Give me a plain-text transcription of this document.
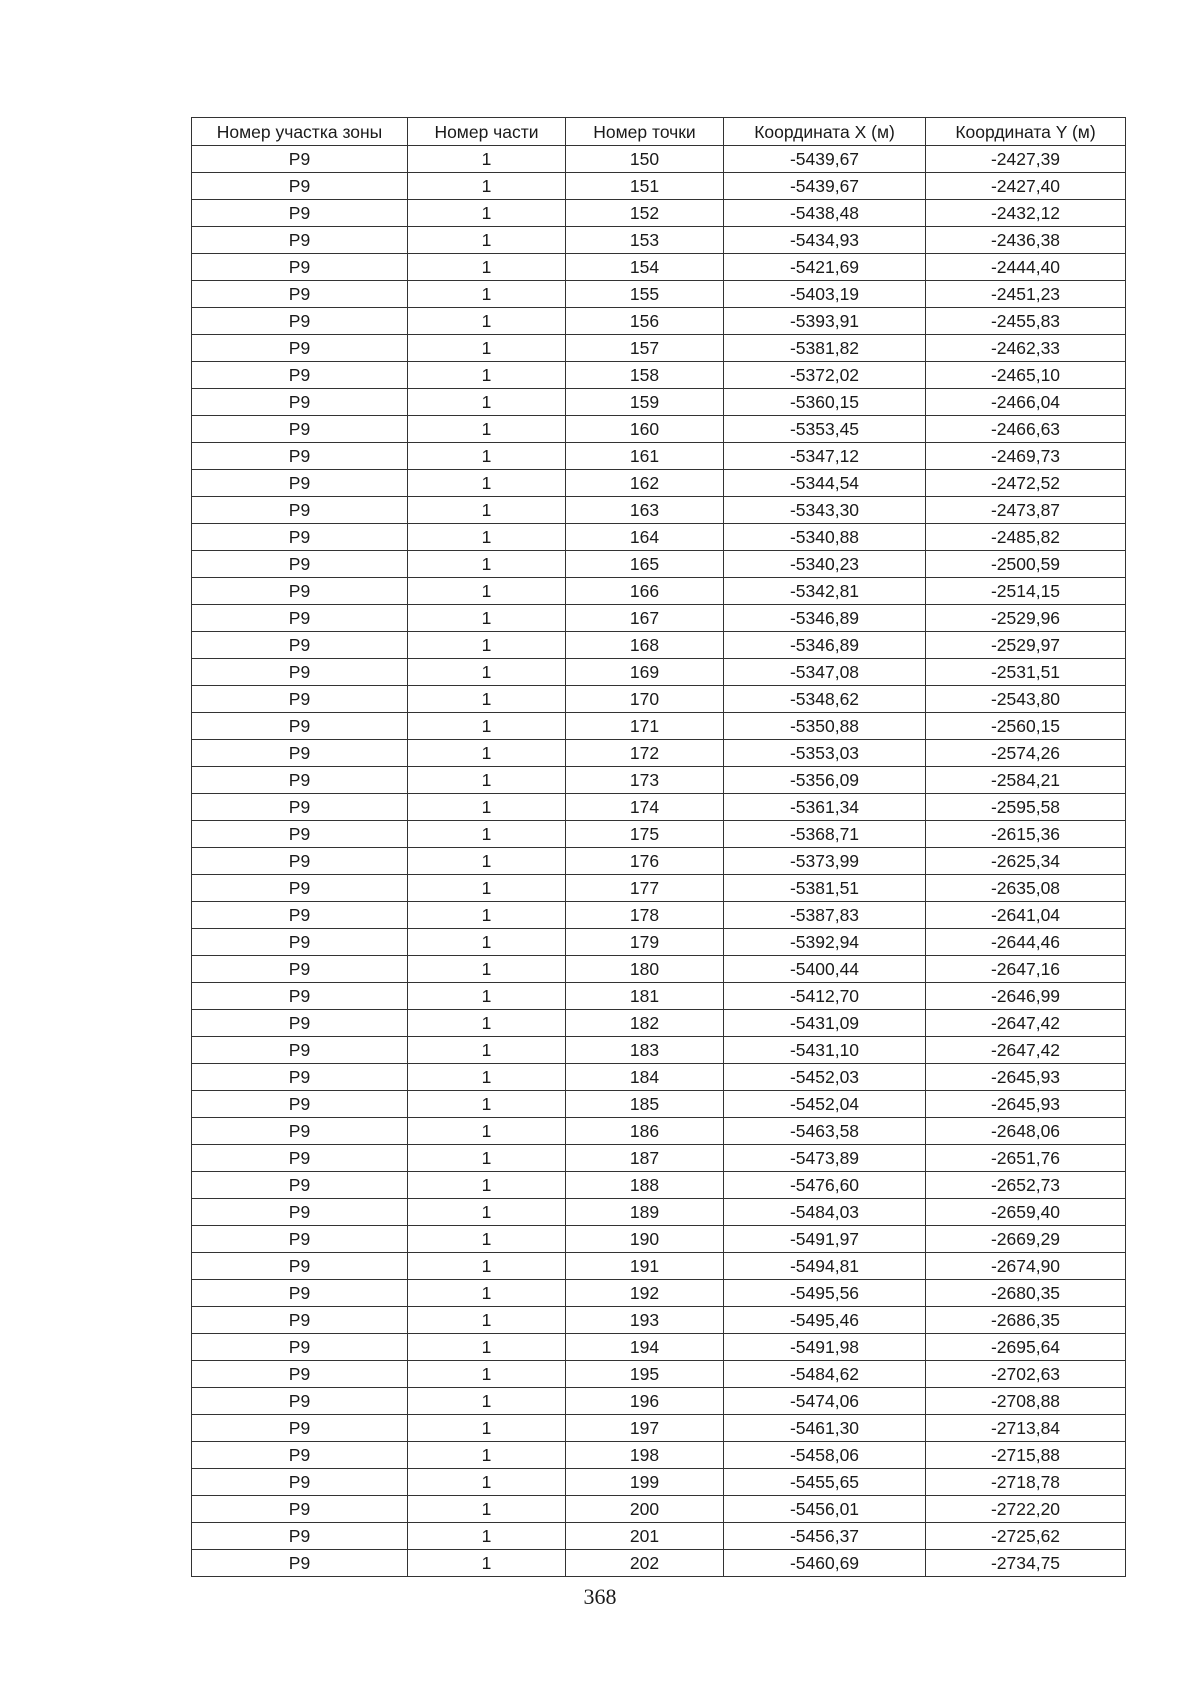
Номер участка зоны	Номер части	Номер точки	Координата X (м)	Координата Y (м)
Р9	1	150	-5439,67	-2427,39
Р9	1	151	-5439,67	-2427,40
Р9	1	152	-5438,48	-2432,12
Р9	1	153	-5434,93	-2436,38
Р9	1	154	-5421,69	-2444,40
Р9	1	155	-5403,19	-2451,23
Р9	1	156	-5393,91	-2455,83
Р9	1	157	-5381,82	-2462,33
Р9	1	158	-5372,02	-2465,10
Р9	1	159	-5360,15	-2466,04
Р9	1	160	-5353,45	-2466,63
Р9	1	161	-5347,12	-2469,73
Р9	1	162	-5344,54	-2472,52
Р9	1	163	-5343,30	-2473,87
Р9	1	164	-5340,88	-2485,82
Р9	1	165	-5340,23	-2500,59
Р9	1	166	-5342,81	-2514,15
Р9	1	167	-5346,89	-2529,96
Р9	1	168	-5346,89	-2529,97
Р9	1	169	-5347,08	-2531,51
Р9	1	170	-5348,62	-2543,80
Р9	1	171	-5350,88	-2560,15
Р9	1	172	-5353,03	-2574,26
Р9	1	173	-5356,09	-2584,21
Р9	1	174	-5361,34	-2595,58
Р9	1	175	-5368,71	-2615,36
Р9	1	176	-5373,99	-2625,34
Р9	1	177	-5381,51	-2635,08
Р9	1	178	-5387,83	-2641,04
Р9	1	179	-5392,94	-2644,46
Р9	1	180	-5400,44	-2647,16
Р9	1	181	-5412,70	-2646,99
Р9	1	182	-5431,09	-2647,42
Р9	1	183	-5431,10	-2647,42
Р9	1	184	-5452,03	-2645,93
Р9	1	185	-5452,04	-2645,93
Р9	1	186	-5463,58	-2648,06
Р9	1	187	-5473,89	-2651,76
Р9	1	188	-5476,60	-2652,73
Р9	1	189	-5484,03	-2659,40
Р9	1	190	-5491,97	-2669,29
Р9	1	191	-5494,81	-2674,90
Р9	1	192	-5495,56	-2680,35
Р9	1	193	-5495,46	-2686,35
Р9	1	194	-5491,98	-2695,64
Р9	1	195	-5484,62	-2702,63
Р9	1	196	-5474,06	-2708,88
Р9	1	197	-5461,30	-2713,84
Р9	1	198	-5458,06	-2715,88
Р9	1	199	-5455,65	-2718,78
Р9	1	200	-5456,01	-2722,20
Р9	1	201	-5456,37	-2725,62
Р9	1	202	-5460,69	-2734,75
368
